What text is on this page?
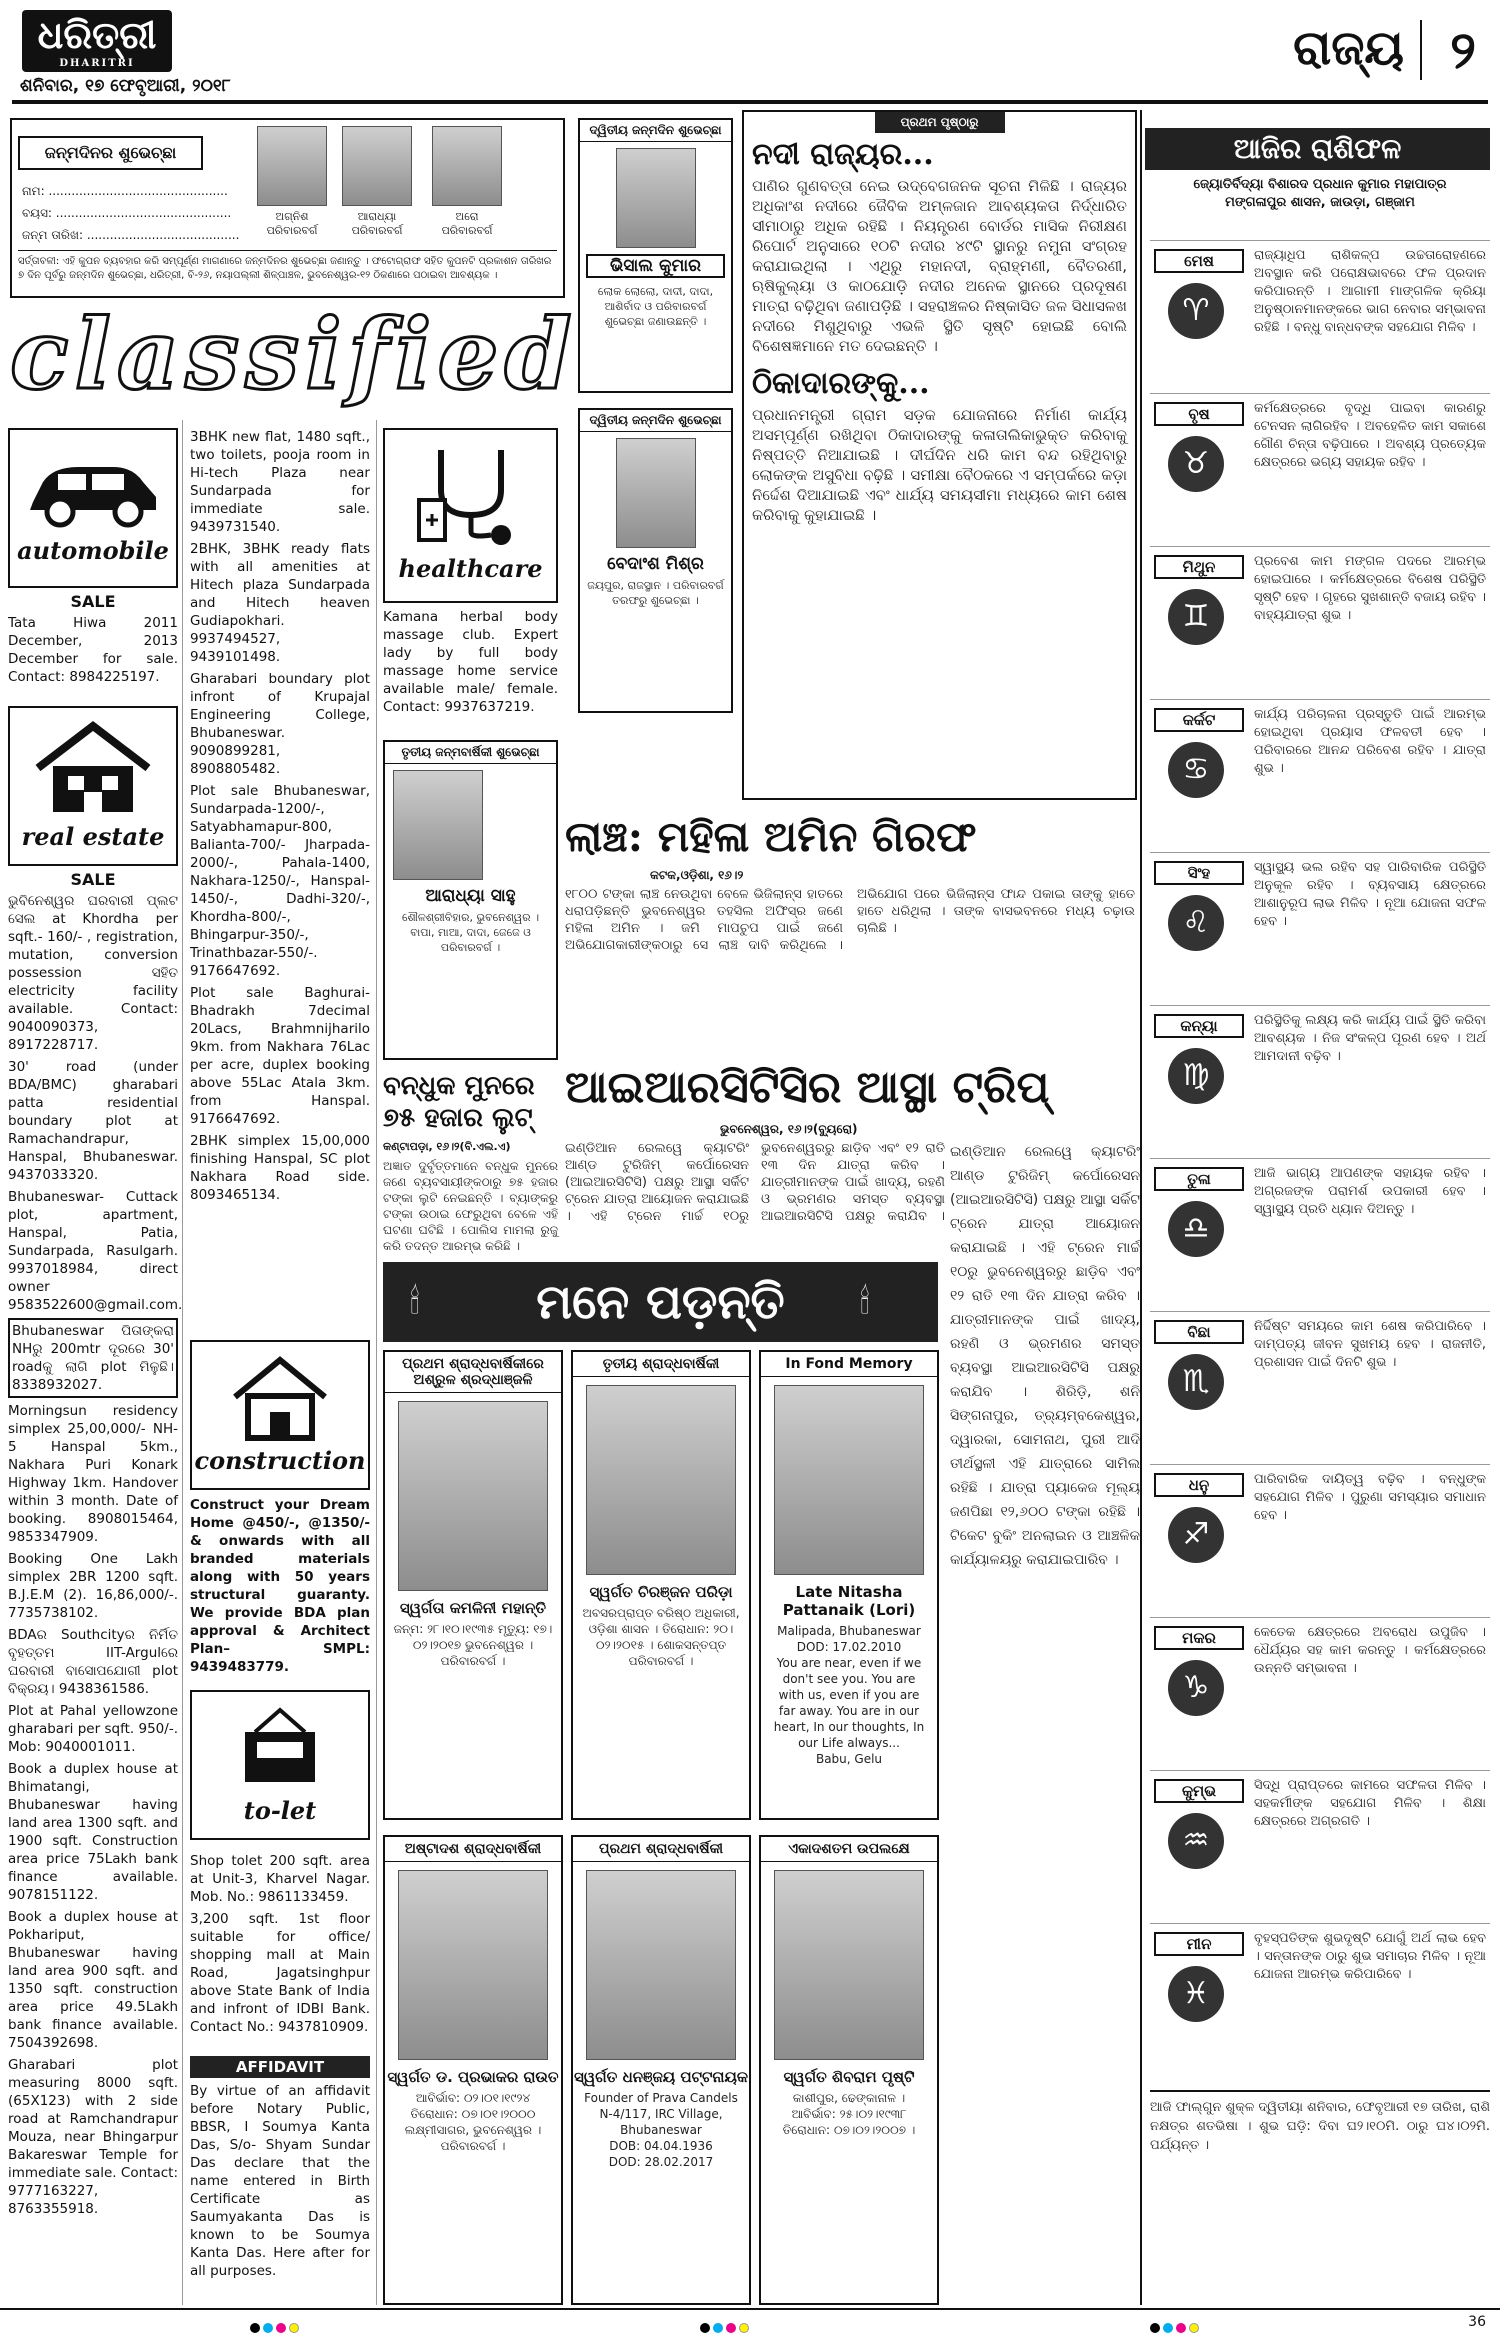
ଧରିତ୍ରୀ
DHARITRI
ଶନିବାର, ୧୭ ଫେବୃଆରୀ, ୨୦୧୮
ରାଜ୍ୟ ୨
ଜନ୍ମଦିନର ଶୁଭେଚ୍ଛା
ନାମ: ...............................................
ବୟସ: ..............................................
ଜନ୍ମ ତାରିଖ: ........................................
ଅଗ୍ନିଶ
ପରିବାରବର୍ଗ
ଆରାଧ୍ୟା
ପରିବାରବର୍ଗ
ଅରୋ
ପରିବାରବର୍ଗ
ସର୍ତ୍ତାବଳୀ: ଏହି କୁପନ ବ୍ୟବହାର କରି ସମ୍ପୂର୍ଣ୍ଣ ମାଗଣାରେ ଜନ୍ମଦିନର ଶୁଭେଚ୍ଛା ଜଣାନ୍ତୁ । ଫଟୋଗ୍ରାଫ ସହିତ କୁପନଟି ପ୍ରକାଶନ ତାରିଖର ୭ ଦିନ ପୂର୍ବରୁ ଜନ୍ମଦିନ ଶୁଭେଚ୍ଛା, ଧରିତ୍ରୀ, ବି-୨୬, ନୟାପଲ୍ଲୀ ଶିଳ୍ପାଞ୍ଚଳ, ଭୁବନେଶ୍ୱର-୧୨ ଠିକଣାରେ ପଠାଇବା ଆବଶ୍ୟକ ।
classified
automobile
SALE
Tata Hiwa 2011 December, 2013 December for sale. Contact: 8984225197.
real estate
SALE

ଭୁବିନେଶ୍ୱର ଘରବାରୀ ପ୍ଲଟ ସେଲ at Khordha per sqft.- 160/- , registration, mutation, conversion possession ସହିତ electricity facility available. Contact: 9040090373, 8917228717.

30' road (under BDA/BMC) gharabari patta residential boundary plot at Ramachandrapur, Hanspal, Bhubaneswar. 9437033320.

Bhubaneswar- Cuttack plot, apartment, Hanspal, Patia, Sundarpada, Rasulgarh. 9937018984, direct owner 9583522600@gmail.com.

Bhubaneswar ପିତାଙ୍କରା NHରୁ 200mtr ଦୂରରେ 30' roadକୁ ଲାଗି plot ମିଳୁଛି। 8338932027.

Morningsun residency simplex 25,00,000/- NH-5 Hanspal 5km., Nakhara Puri Konark Highway 1km. Handover within 3 month. Date of booking. 8908015464, 9853347909.

Booking One Lakh simplex 2BR 1200 sqft. B.J.E.M (2). 16,86,000/-. 7735738102.

BDAର Southcityର ନିର୍ମିତ ବୃହତ୍ତମ IIT-Argulରେ ଘରବାରୀ ବାସୋପଯୋଗୀ plot ବିକ୍ରୟ। 9438361586.

Plot at Pahal yellowzone gharabari per sqft. 950/-. Mob: 9040001011.

Book a duplex house at Bhimatangi, Bhubaneswar having land area 1300 sqft. and 1900 sqft. Construction area price 75Lakh bank finance available. 9078151122.

Book a duplex house at Pokhariput, Bhubaneswar having land area 900 sqft. and 1350 sqft. construction area price 49.5Lakh bank finance available. 7504392698.

Gharabari plot measuring 8000 sqft. (65X123) with 2 side road at Ramchandrapur Mouza, near Bhingarpur Bakareswar Temple for immediate sale. Contact: 9777163227, 8763355918.

3BHK new flat, 1480 sqft., two toilets, pooja room in Hi-tech Plaza near Sundarpada for immediate sale. 9439731540.

2BHK, 3BHK ready flats with all amenities at Hitech plaza Sundarpada and Hitech heaven Gudiapokhari. 9937494527, 9439101498.

Gharabari boundary plot infront of Krupajal Engineering College, Bhubaneswar. 9090899281, 8908805482.

Plot sale Bhubaneswar, Sundarpada-1200/-, Satyabhamapur-800, Balianta-700/- Jharpada-2000/-, Pahala-1400, Nakhara-1250/-, Hanspal-1450/-, Dadhi-320/-, Khordha-800/-, Bhingarpur-350/-, Trinathbazar-550/-. 9176647692.

Plot sale Baghurai-Bhadrakh 7decimal 20Lacs, Brahmnijharilo 9km. from Nakhara 76Lac per acre, duplex booking above 55Lac Atala 3km. from Hanspal. 9176647692.

2BHK simplex 15,00,000 finishing Hanspal, SC plot Nakhara Road side. 8093465134.

construction
Construct your Dream Home @450/-, @1350/- & onwards with all branded materials along with 50 years structural guaranty. We provide BDA plan approval & Architect Plan– SMPL: 9439483779.
to-let

Shop tolet 200 sqft. area at Unit-3, Kharvel Nagar. Mob. No.: 9861133459.

3,200 sqft. 1st floor suitable for office/ shopping mall at Main Road, Jagatsinghpur above State Bank of India and infront of IDBI Bank. Contact No.: 9437810909.

AFFIDAVIT
By virtue of an affidavit before Notary Public, BBSR, I Soumya Kanta Das, S/o- Shyam Sundar Das declare that the name entered in Birth Certificate as Saumyakanta Das is known to be Soumya Kanta Das. Here after for all purposes.
healthcare
Kamana herbal body massage club. Expert lady by full body massage home service available male/ female. Contact: 9937637219.
ତୃତୀୟ ଜନ୍ମବାର୍ଷିକୀ ଶୁଭେଚ୍ଛା
ଆରାଧ୍ୟା ସାହୁ
ଶୌଳଶ୍ରୀବିହାର, ଭୁବନେଶ୍ୱର । ବାପା, ମାଆ, ଦାଦା, ଜେଜେ ଓ ପରିବାରବର୍ଗ ।
ଦ୍ୱିତୀୟ ଜନ୍ମଦିନ ଶୁଭେଚ୍ଛା
ଭିସାଲ କୁମାର
ଲୋକ ଲୋଲୋ, ଦାଦୀ, ଦାଦା, ଆଶିର୍ବାଦ ଓ ପରିବାରବର୍ଗ ଶୁଭେଚ୍ଛା ଜଣାଉଛନ୍ତି ।
ଦ୍ୱିତୀୟ ଜନ୍ମଦିନ ଶୁଭେଚ୍ଛା
ବେଦାଂଶ ମିଶ୍ର
ଜୟପୁର, ରାଜସ୍ଥାନ । ପରିବାରବର୍ଗ ତରଫରୁ ଶୁଭେଚ୍ଛା ।
ପ୍ରଥମ ପୃଷ୍ଠାରୁ
ନଦୀ ରାଜ୍ୟର...
ପାଣିର ଗୁଣବତ୍ତା ନେଇ ଉଦ୍ବେଗଜନକ ସୂଚନା ମିଳିଛି । ରାଜ୍ୟର ଅଧିକାଂଶ ନଦୀରେ ଜୈବିକ ଅମ୍ଳଜାନ ଆବଶ୍ୟକତା ନିର୍ଦ୍ଧାରିତ ସୀମାଠାରୁ ଅଧିକ ରହିଛି । ନିୟନ୍ତ୍ରଣ ବୋର୍ଡର ମାସିକ ନିରୀକ୍ଷଣ ରିପୋର୍ଟ ଅନୁସାରେ ୧୦ଟି ନଦୀର ୪୯ଟି ସ୍ଥାନରୁ ନମୁନା ସଂଗ୍ରହ କରାଯାଇଥିଲା । ଏଥିରୁ ମହାନଦୀ, ବ୍ରାହ୍ମଣୀ, ବୈତରଣୀ, ଋଷିକୁଲ୍ୟା ଓ କାଠଯୋଡ଼ି ନଦୀର ଅନେକ ସ୍ଥାନରେ ପ୍ରଦୂଷଣ ମାତ୍ରା ବଢ଼ିଥିବା ଜଣାପଡ଼ିଛି । ସହରାଞ୍ଚଳର ନିଷ୍କାସିତ ଜଳ ସିଧାସଳଖ ନଦୀରେ ମିଶୁଥିବାରୁ ଏଭଳି ସ୍ଥିତି ସୃଷ୍ଟି ହୋଇଛି ବୋଲି ବିଶେଷଜ୍ଞମାନେ ମତ ଦେଇଛନ୍ତି ।
ଠିକାଦାରଙ୍କୁ...
ପ୍ରଧାନମନ୍ତ୍ରୀ ଗ୍ରାମ ସଡ଼କ ଯୋଜନାରେ ନିର୍ମାଣ କାର୍ଯ୍ୟ ଅସମ୍ପୂର୍ଣ୍ଣ ରଖିଥିବା ଠିକାଦାରଙ୍କୁ କଳାତାଲିକାଭୁକ୍ତ କରିବାକୁ ନିଷ୍ପତ୍ତି ନିଆଯାଇଛି । ଦୀର୍ଘଦିନ ଧରି କାମ ବନ୍ଦ ରହିଥିବାରୁ ଲୋକଙ୍କ ଅସୁବିଧା ବଢ଼ିଛି । ସମୀକ୍ଷା ବୈଠକରେ ଏ ସମ୍ପର୍କରେ କଡ଼ା ନିର୍ଦ୍ଦେଶ ଦିଆଯାଇଛି ଏବଂ ଧାର୍ଯ୍ୟ ସମୟସୀମା ମଧ୍ୟରେ କାମ ଶେଷ କରିବାକୁ କୁହାଯାଇଛି ।
ଲାଞ୍ଚ: ମହିଳା ଅମିନ ଗିରଫ
କଟକ,ଓଡ଼ିଶା, ୧୬।୨
୧୮୦୦ ଟଙ୍କା ଲାଞ୍ଚ ନେଉଥିବା ବେଳେ ଭିଜିଲାନ୍ସ ହାତରେ ଧରାପଡ଼ିଛନ୍ତି ଭୁବନେଶ୍ୱର ତହସିଲ ଅଫିସ୍‌ର ଜଣେ ମହିଳା ଅମିନ । ଜମି ମାପଚୁପ ପାଇଁ ଜଣେ ଅଭିଯୋଗକାରୀଙ୍କଠାରୁ ସେ ଲାଞ୍ଚ ଦାବି କରିଥିଲେ । ଅଭିଯୋଗ ପରେ ଭିଜିଲାନ୍ସ ଫାନ୍ଦ ପକାଇ ତାଙ୍କୁ ହାତେ ହାତେ ଧରିଥିଲା । ତାଙ୍କ ବାସଭବନରେ ମଧ୍ୟ ଚଢ଼ାଉ ଚାଲିଛି ।
ବନ୍ଧୁକ ମୁନରେ ୭୫ ହଜାର ଲୁଟ୍
କଣ୍ଟାପଡ଼ା, ୧୬।୨(ବି.ଏଲ.ଏ)
ଅଜ୍ଞାତ ଦୁର୍ବୃତ୍ତମାନେ ବନ୍ଧୁକ ମୁନରେ ଜଣେ ବ୍ୟବସାୟୀଙ୍କଠାରୁ ୭୫ ହଜାର ଟଙ୍କା ଲୁଟି ନେଇଛନ୍ତି । ବ୍ୟାଙ୍କରୁ ଟଙ୍କା ଉଠାଇ ଫେରୁଥିବା ବେଳେ ଏହି ଘଟଣା ଘଟିଛି । ପୋଲିସ ମାମଲା ରୁଜୁ କରି ତଦନ୍ତ ଆରମ୍ଭ କରିଛି ।
ଆଇଆରସିଟିସିର ଆସ୍ଥା ଟ୍ରିପ୍
ଭୁବନେଶ୍ୱର, ୧୬।୨(ବ୍ୟୁରୋ)
ଇଣ୍ଡିଆନ ରେଲୱେ କ୍ୟାଟରିଂ ଆଣ୍ଡ ଟୁରିଜିମ୍ କର୍ପୋରେସନ (ଆଇଆରସିଟିସି) ପକ୍ଷରୁ ଆସ୍ଥା ସର୍କିଟ ଟ୍ରେନ ଯାତ୍ରା ଆୟୋଜନ କରାଯାଇଛି । ଏହି ଟ୍ରେନ ମାର୍ଚ୍ଚ ୧୦ରୁ ଭୁବନେଶ୍ୱରରୁ ଛାଡ଼ିବ ଏବଂ ୧୨ ରାତି ୧୩ ଦିନ ଯାତ୍ରା କରିବ । ଯାତ୍ରୀମାନଙ୍କ ପାଇଁ ଖାଦ୍ୟ, ରହଣି ଓ ଭ୍ରମଣର ସମସ୍ତ ବ୍ୟବସ୍ଥା ଆଇଆରସିଟିସି ପକ୍ଷରୁ କରାଯିବ ।
ଇଣ୍ଡିଆନ ରେଲୱେ କ୍ୟାଟରିଂ ଆଣ୍ଡ ଟୁରିଜିମ୍ କର୍ପୋରେସନ (ଆଇଆରସିଟିସି) ପକ୍ଷରୁ ଆସ୍ଥା ସର୍କିଟ ଟ୍ରେନ ଯାତ୍ରା ଆୟୋଜନ କରାଯାଇଛି । ଏହି ଟ୍ରେନ ମାର୍ଚ୍ଚ ୧୦ରୁ ଭୁବନେଶ୍ୱରରୁ ଛାଡ଼ିବ ଏବଂ ୧୨ ରାତି ୧୩ ଦିନ ଯାତ୍ରା କରିବ । ଯାତ୍ରୀମାନଙ୍କ ପାଇଁ ଖାଦ୍ୟ, ରହଣି ଓ ଭ୍ରମଣର ସମସ୍ତ ବ୍ୟବସ୍ଥା ଆଇଆରସିଟିସି ପକ୍ଷରୁ କରାଯିବ । ଶିରିଡ଼ି, ଶନି ସିଙ୍ଗନାପୁର, ତ୍ର୍ୟମ୍ବକେଶ୍ୱର, ଦ୍ୱାରକା, ସୋମନାଥ, ପୁରୀ ଆଦି ତୀର୍ଥସ୍ଥଳୀ ଏହି ଯାତ୍ରାରେ ସାମିଲ ରହିଛି । ଯାତ୍ରା ପ୍ୟାକେଜ ମୂଲ୍ୟ ଜଣପିଛା ୧୨,୬୦୦ ଟଙ୍କା ରହିଛି । ଟିକେଟ ବୁକିଂ ଅନଲାଇନ ଓ ଆଞ୍ଚଳିକ କାର୍ଯ୍ୟାଳୟରୁ କରାଯାଇପାରିବ ।
ମନେ ପଡ଼ନ୍ତି
🕯	🕯
ପ୍ରଥମ ଶ୍ରାଦ୍ଧବାର୍ଷିକୀରେ ଅଶ୍ରୁଳ ଶ୍ରଦ୍ଧାଞ୍ଜଳି
ସ୍ୱର୍ଗତା କମଳିନୀ ମହାନ୍ତି
ଜନ୍ମ: ୨୮।୧୦।୧୯୩୫ ମୃତ୍ୟୁ: ୧୭।୦୨।୨୦୧୭ ଭୁବନେଶ୍ୱର । ପରିବାରବର୍ଗ ।
ତୃତୀୟ ଶ୍ରାଦ୍ଧବାର୍ଷିକୀ
ସ୍ୱର୍ଗତ ଚିରଞ୍ଜନ ପରିଡ଼ା
ଅବସରପ୍ରାପ୍ତ ବରିଷ୍ଠ ଅଧିକାରୀ, ଓଡ଼ିଶା ଶାସନ । ତିରୋଧାନ: ୨୦।୦୨।୨୦୧୫ । ଶୋକସନ୍ତପ୍ତ ପରିବାରବର୍ଗ ।
In Fond Memory
Late Nitasha Pattanaik (Lori)
Malipada, Bhubaneswar
DOD: 17.02.2010
You are near, even if we don't see you. You are with us, even if you are far away. You are in our heart, In our thoughts, In our Life always...
Babu, Gelu
ଅଷ୍ଟାଦଶ ଶ୍ରାଦ୍ଧବାର୍ଷିକୀ
ସ୍ୱର୍ଗତ ଡ. ପ୍ରଭାକର ରାଉତ
ଆବିର୍ଭାବ: ୦୨।୦୧।୧୯୨୪ ତିରୋଧାନ: ୦୭।୦୧।୨୦୦୦ ଲକ୍ଷ୍ମୀସାଗର, ଭୁବନେଶ୍ୱର । ପରିବାରବର୍ଗ ।
ପ୍ରଥମ ଶ୍ରାଦ୍ଧବାର୍ଷିକୀ
ସ୍ୱର୍ଗତ ଧନଞ୍ଜୟ ପଟ୍ଟନାୟକ
Founder of Prava Candels
N-4/117, IRC Village, Bhubaneswar
DOB: 04.04.1936
DOD: 28.02.2017
ଏକାଦଶତମ ଉପଲକ୍ଷେ
ସ୍ୱର୍ଗତ ଶିବରାମ ପୃଷ୍ଟି
କାଶୀପୁର, ଢେଙ୍କାନାଳ । ଆବିର୍ଭାବ: ୨୫।୦୨।୧୯୩୮ ତିରୋଧାନ: ୦୭।୦୨।୨୦୦୭ ।
ଆଜିର ରାଶିଫଳ
ଜ୍ୟୋତିର୍ବିଦ୍ୟା ବିଶାରଦ ପ୍ରଧାନ କୁମାର ମହାପାତ୍ର
ମଙ୍ଗଳାପୁର ଶାସନ, ଜାଉଡ଼ା, ଗଞ୍ଜାମ
ମେଷ
♈
ରାଜ୍ୟାଧିପ ରାଶିକଳ୍ପ ଉଚ୍ଚତାରୋହଣରେ ଅବସ୍ଥାନ କରି ପରୋକ୍ଷଭାବରେ ଫଳ ପ୍ରଦାନ କରିପାରନ୍ତି । ଆଗାମୀ ମାଙ୍ଗଳିକ କ୍ରିୟା ଅନୁଷ୍ଠାନମାନଙ୍କରେ ଭାଗ ନେବାର ସମ୍ଭାବନା ରହିଛି । ବନ୍ଧୁ ବାନ୍ଧବଙ୍କ ସହଯୋଗ ମିଳିବ ।
ବୃଷ
♉
କର୍ମକ୍ଷେତ୍ରରେ ବୃଦ୍ଧି ପାଇବା କାରଣରୁ ଟେନସନ ଲାଗିରହିବ । ଅବହେଳିତ କାମ ସକାଶେ ଗୌଣ ଚିନ୍ତା ବଢ଼ିପାରେ । ଅବଶ୍ୟ ପ୍ରତ୍ୟେକ କ୍ଷେତ୍ରରେ ଭଗ୍ୟ ସହାୟକ ରହିବ ।
ମିଥୁନ
♊
ପ୍ରବେଶ କାମ ମଙ୍ଗଳ ପଦରେ ଆରମ୍ଭ ହୋଇପାରେ । କର୍ମକ୍ଷେତ୍ରରେ ବିଶେଷ ପରିସ୍ଥିତି ସୃଷ୍ଟି ହେବ । ଗୃହରେ ସୁଖଶାନ୍ତି ବଜାୟ ରହିବ । ବାହ୍ୟଯାତ୍ରା ଶୁଭ ।
କର୍କଟ
♋
କାର୍ଯ୍ୟ ପରିଚାଳନା ପ୍ରସ୍ତୁତି ପାଇଁ ଆରମ୍ଭ ହୋଇଥିବା ପ୍ରୟାସ ଫଳବତୀ ହେବ । ପରିବାରରେ ଆନନ୍ଦ ପରିବେଶ ରହିବ । ଯାତ୍ରା ଶୁଭ ।
ସିଂହ
♌
ସ୍ୱାସ୍ଥ୍ୟ ଭଲ ରହିବ ସହ ପାରିବାରିକ ପରିସ୍ଥିତି ଅନୁକୂଳ ରହିବ । ବ୍ୟବସାୟ କ୍ଷେତ୍ରରେ ଆଶାନୁରୂପ ଲାଭ ମିଳିବ । ନୂଆ ଯୋଜନା ସଫଳ ହେବ ।
କନ୍ୟା
♍
ପରିସ୍ଥିତିକୁ ଲକ୍ଷ୍ୟ କରି କାର୍ଯ୍ୟ ପାଇଁ ସ୍ଥିତି କରିବା ଆବଶ୍ୟକ । ନିଜ ସଂକଳ୍ପ ପୂରଣ ହେବ । ଅର୍ଥ ଆମଦାନୀ ବଢ଼ିବ ।
ତୁଳା
♎
ଆଜି ଭାଗ୍ୟ ଆପଣଙ୍କ ସହାୟକ ରହିବ । ଅଗ୍ରଜଙ୍କ ପରାମର୍ଶ ଉପକାରୀ ହେବ । ସ୍ୱାସ୍ଥ୍ୟ ପ୍ରତି ଧ୍ୟାନ ଦିଅନ୍ତୁ ।
ବିଛା
♏
ନିର୍ଦ୍ଦିଷ୍ଟ ସମୟରେ କାମ ଶେଷ କରିପାରିବେ । ଦାମ୍ପତ୍ୟ ଜୀବନ ସୁଖମୟ ହେବ । ରାଜନୀତି, ପ୍ରଶାସନ ପାଇଁ ଦିନଟି ଶୁଭ ।
ଧନୁ
♐
ପାରିବାରିକ ଦାୟିତ୍ୱ ବଢ଼ିବ । ବନ୍ଧୁଙ୍କ ସହଯୋଗ ମିଳିବ । ପୁରୁଣା ସମସ୍ୟାର ସମାଧାନ ହେବ ।
ମକର
♑
କେତେକ କ୍ଷେତ୍ରରେ ଅବରୋଧ ଉପୁଜିବ । ଧୈର୍ଯ୍ୟର ସହ କାମ କରନ୍ତୁ । କର୍ମକ୍ଷେତ୍ରରେ ଉନ୍ନତି ସମ୍ଭାବନା ।
କୁମ୍ଭ
♒
ସିଦ୍ଧି ପ୍ରାପ୍ତରେ କାମରେ ସଫଳତା ମିଳିବ । ସହକର୍ମୀଙ୍କ ସହଯୋଗ ମିଳିବ । ଶିକ୍ଷା କ୍ଷେତ୍ରରେ ଅଗ୍ରଗତି ।
ମୀନ
♓
ବୃହସ୍ପତିଙ୍କ ଶୁଭଦୃଷ୍ଟି ଯୋଗୁଁ ଅର୍ଥ ଲାଭ ହେବ । ସନ୍ତାନଙ୍କ ଠାରୁ ଶୁଭ ସମାଚାର ମିଳିବ । ନୂଆ ଯୋଜନା ଆରମ୍ଭ କରିପାରିବେ ।
ଆଜି ଫାଲ୍‌ଗୁନ ଶୁକ୍ଳ ଦ୍ୱିତୀୟା ଶନିବାର, ଫେବୃଆରୀ ୧୭ ତାରିଖ, ରାଶି ନକ୍ଷତ୍ର ଶତଭିଷା । ଶୁଭ ଘଡ଼ି: ଦିବା ଘ୨।୧୦ମି. ଠାରୁ ଘ୪।୦୨ମି. ପର୍ଯ୍ୟନ୍ତ ।
36
